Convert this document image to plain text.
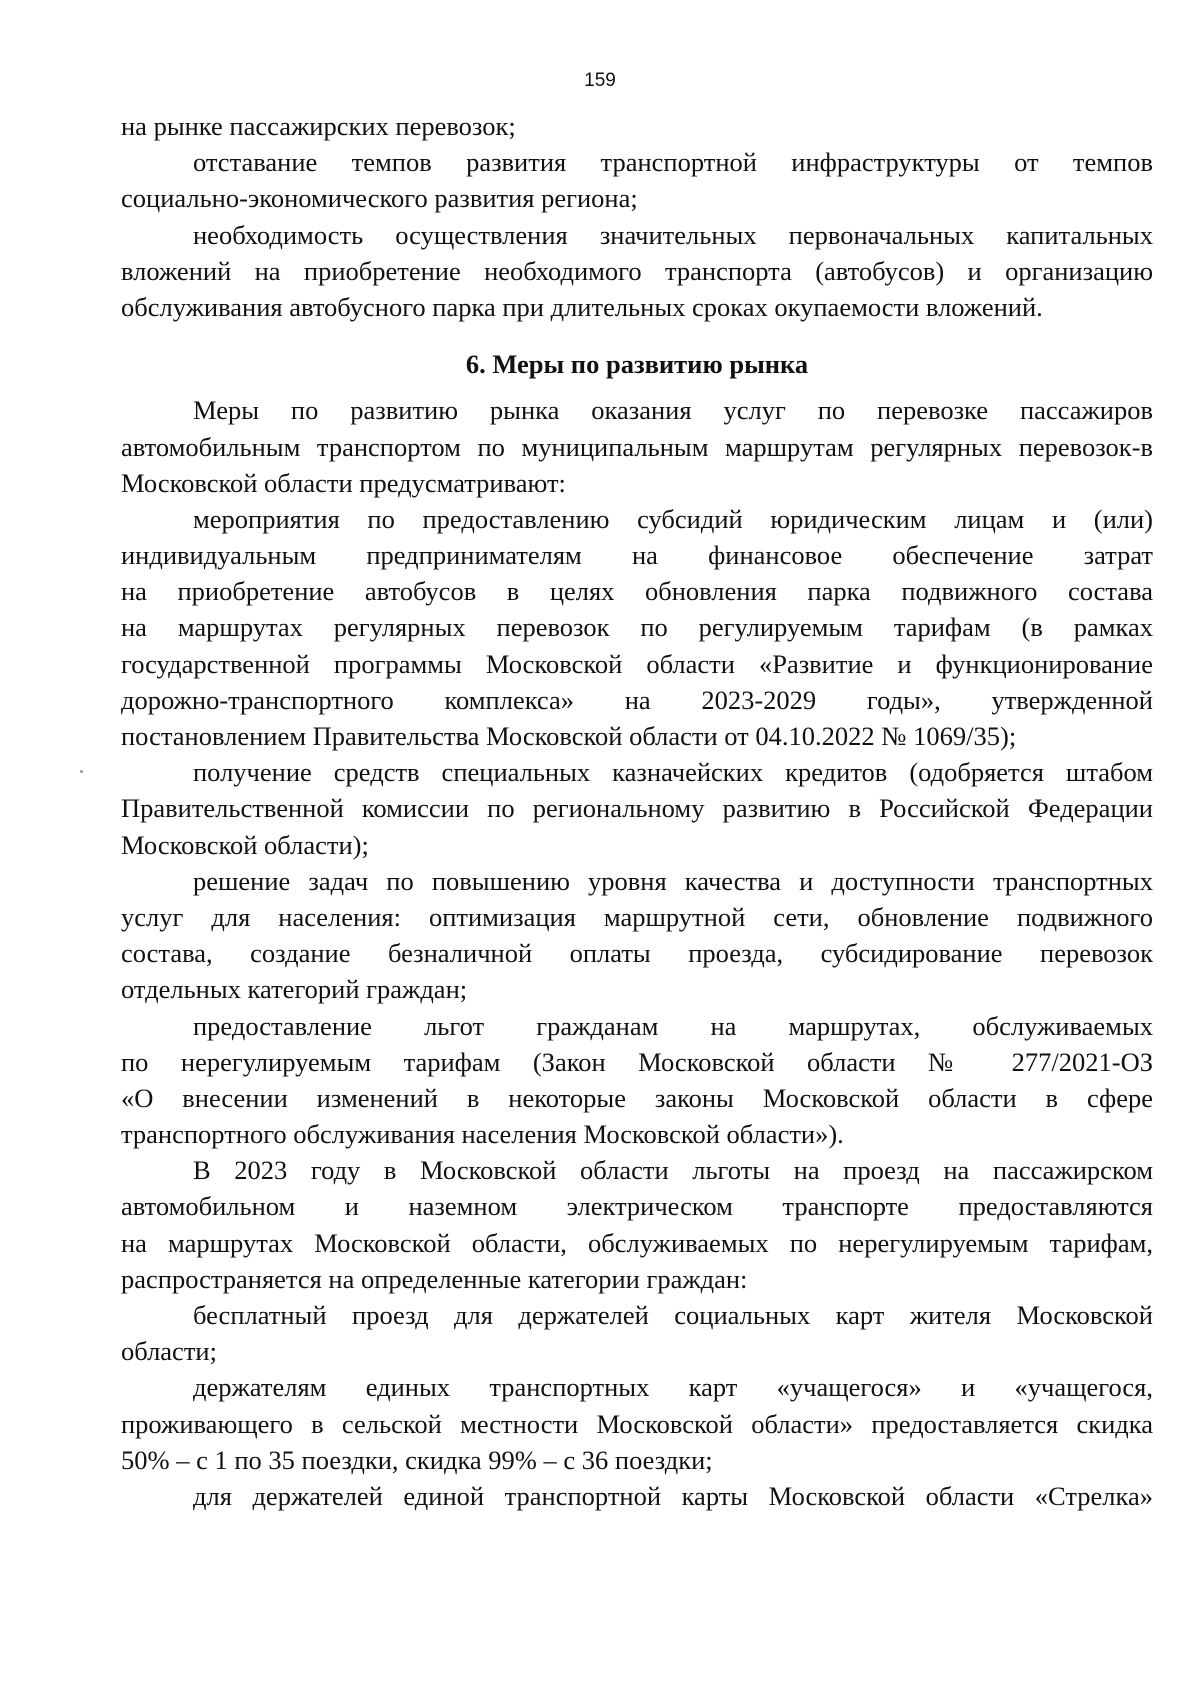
159
на рынке пассажирских перевозок;
отставание темпов развития транспортной инфраструктуры от темпов
социально-экономического развития региона;
необходимость осуществления значительных первоначальных капитальных
вложений на приобретение необходимого транспорта (автобусов) и организацию
обслуживания автобусного парка при длительных сроках окупаемости вложений.
6. Меры по развитию рынка
Меры по развитию рынка оказания услуг по перевозке пассажиров
автомобильным транспортом по муниципальным маршрутам регулярных перевозок-в
Московской области предусматривают:
мероприятия по предоставлению субсидий юридическим лицам и (или)
индивидуальным предпринимателям на финансовое обеспечение затрат
на приобретение автобусов в целях обновления парка подвижного состава
на маршрутах регулярных перевозок по регулируемым тарифам (в рамках
государственной программы Московской области «Развитие и функционирование
дорожно-транспортного комплекса» на 2023-2029 годы», утвержденной
постановлением Правительства Московской области от 04.10.2022 № 1069/35);
получение средств специальных казначейских кредитов (одобряется штабом
Правительственной комиссии по региональному развитию в Российской Федерации
Московской области);
решение задач по повышению уровня качества и доступности транспортных
услуг для населения: оптимизация маршрутной сети, обновление подвижного
состава, создание безналичной оплаты проезда, субсидирование перевозок
отдельных категорий граждан;
предоставление льгот гражданам на маршрутах, обслуживаемых
по нерегулируемым тарифам (Закон Московской области № 277/2021-ОЗ
«О внесении изменений в некоторые законы Московской области в сфере
транспортного обслуживания населения Московской области»).
В 2023 году в Московской области льготы на проезд на пассажирском
автомобильном и наземном электрическом транспорте предоставляются
на маршрутах Московской области, обслуживаемых по нерегулируемым тарифам,
распространяется на определенные категории граждан:
бесплатный проезд для держателей социальных карт жителя Московской
области;
держателям единых транспортных карт «учащегося» и «учащегося,
проживающего в сельской местности Московской области» предоставляется скидка
50% – с 1 по 35 поездки, скидка 99% – с 36 поездки;
для держателей единой транспортной карты Московской области «Стрелка»
